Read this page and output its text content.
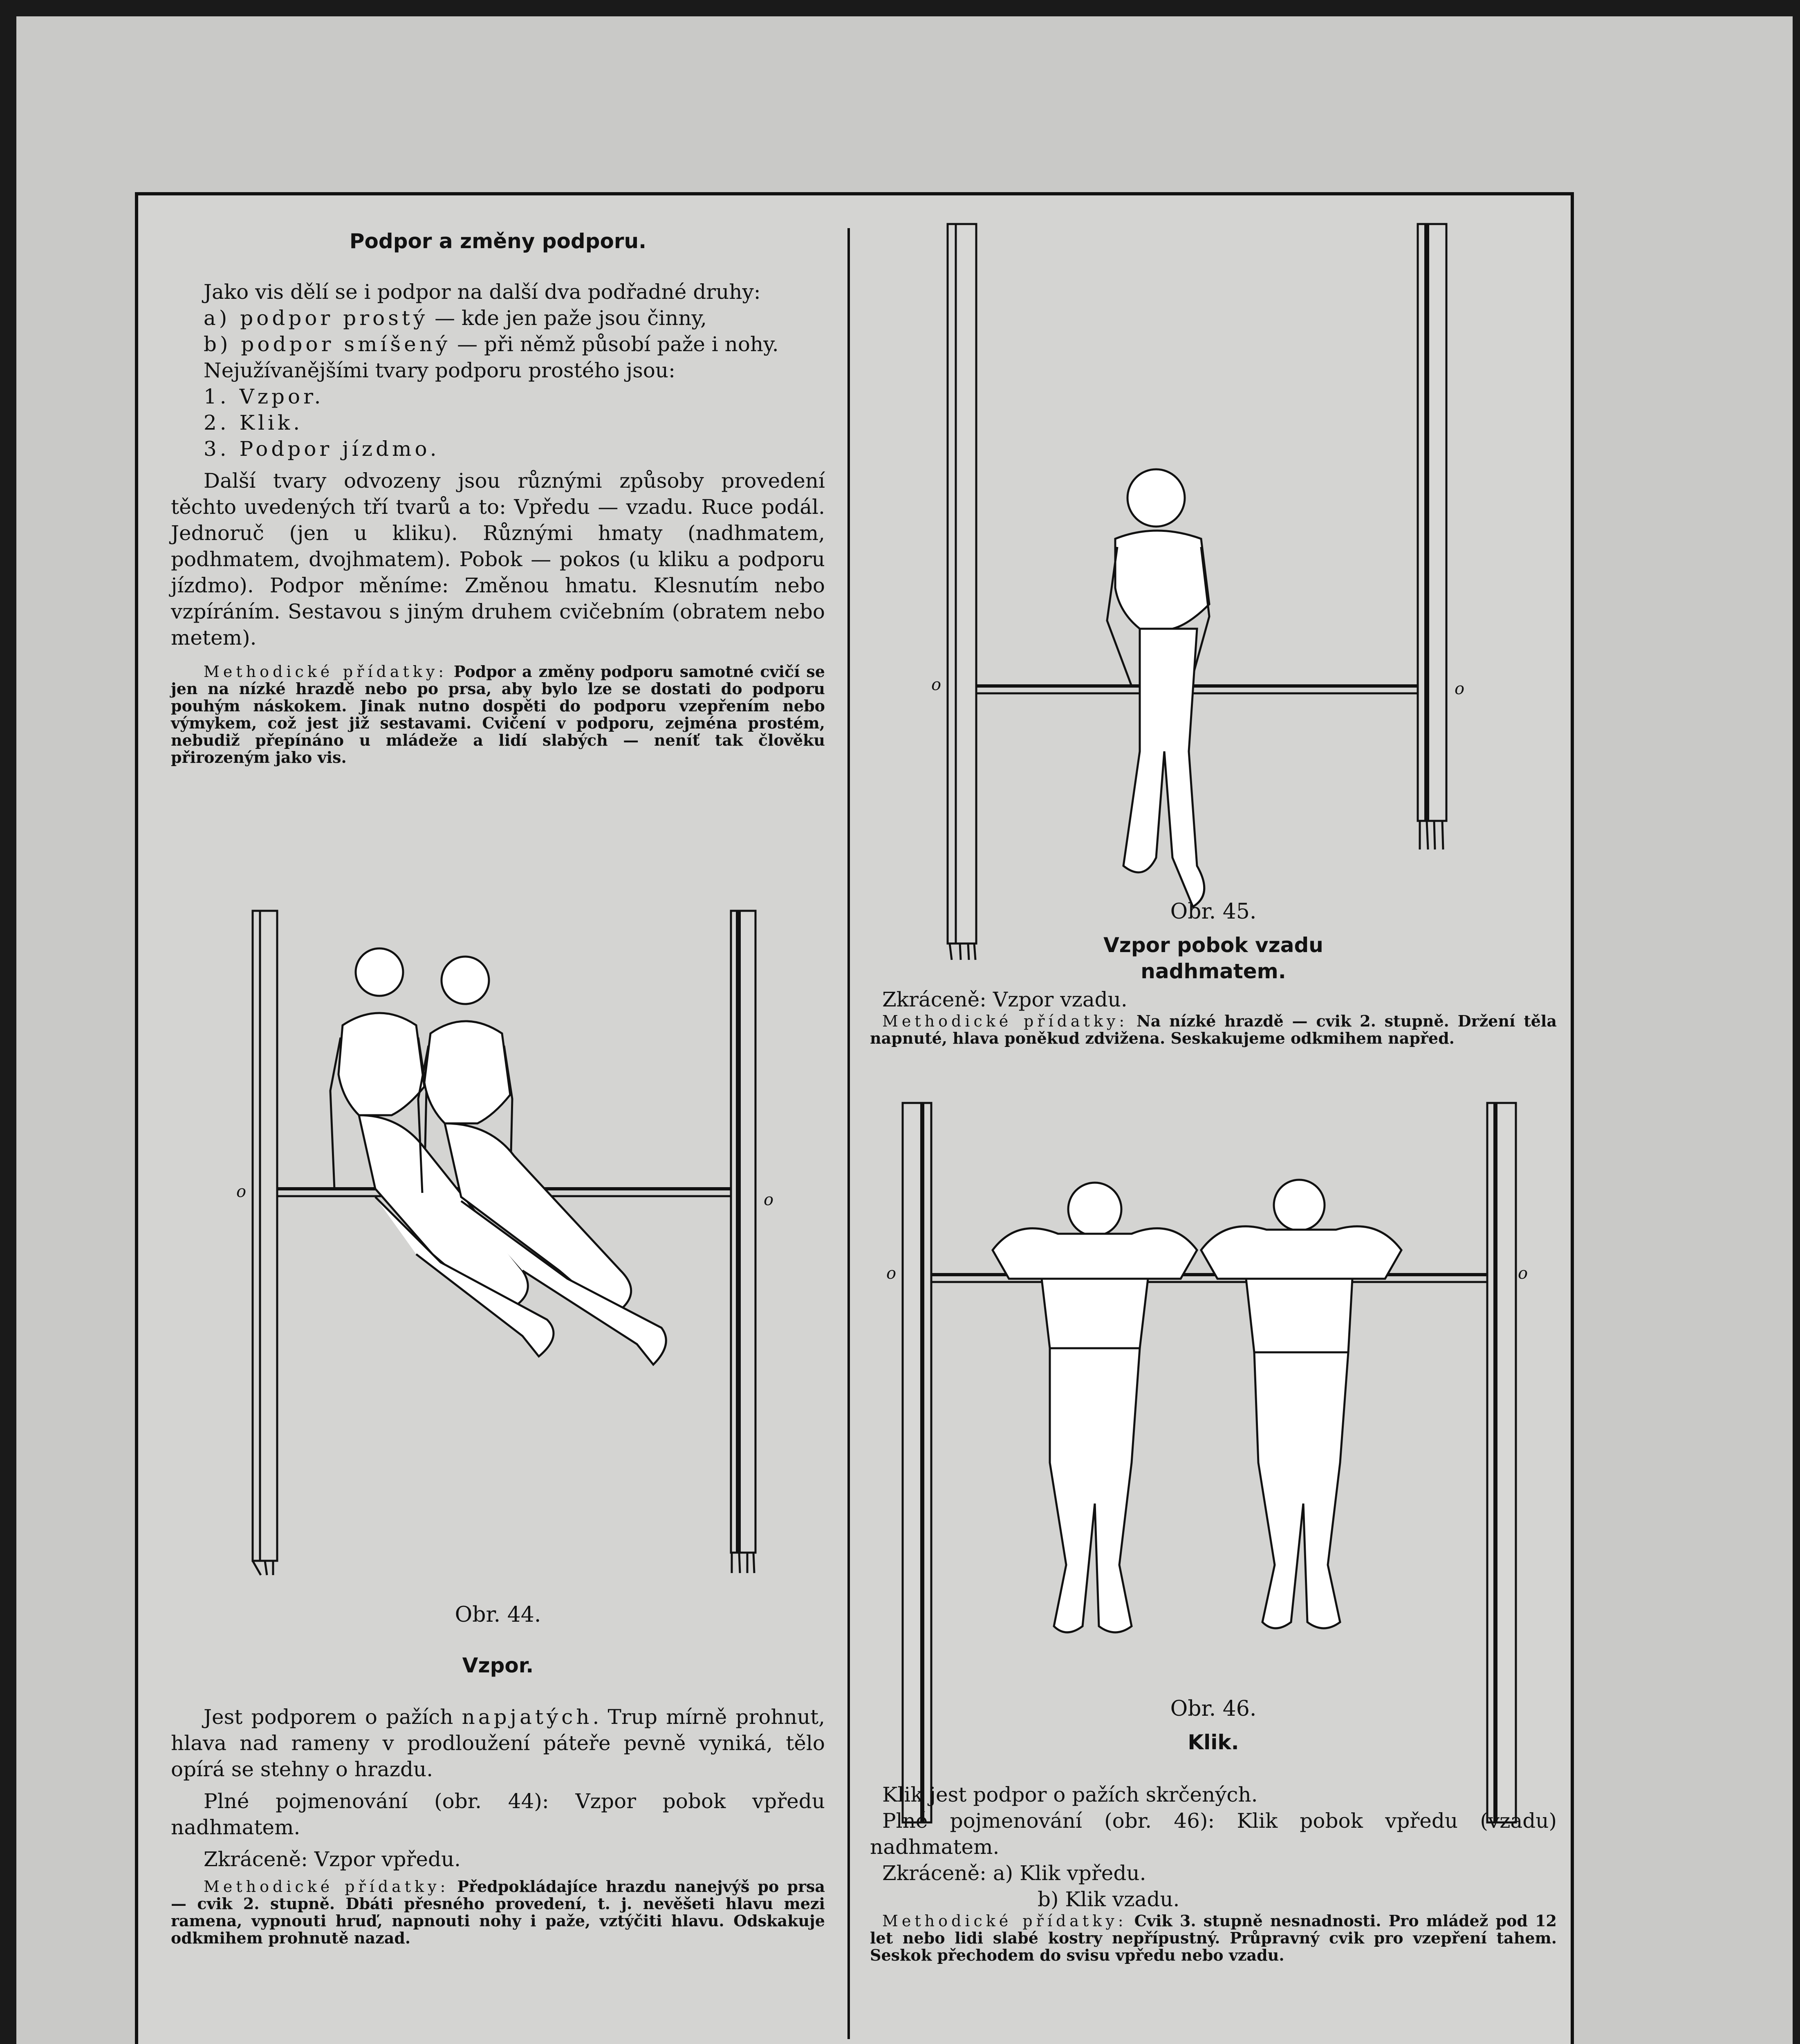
Podpor a změny podporu.

Jako vis dělí se i podpor na další dva podřadné druhy:

a) podpor prostý — kde jen paže jsou činny,

b) podpor smíšený — při němž působí paže i nohy.

Nejužívanějšími tvary podporu prostého jsou:

1. Vzpor.

2. Klik.

3. Podpor jízdmo.

Další tvary odvozeny jsou různými způsoby provedení těchto uvedených tří tvarů a to: Vpředu — vzadu. Ruce podál. Jednoruč (jen u kliku). Různými hmaty (nadhmatem, podhmatem, dvojhmatem). Pobok — pokos (u kliku a podporu jízdmo). Podpor měníme: Změnou hmatu. Klesnutím nebo vzpíráním. Sestavou s jiným druhem cvičebním (obratem nebo metem).

Methodické přídatky: Podpor a změny podporu samotné cvičí se jen na nízké hrazdě nebo po prsa, aby bylo lze se dostati do podporu pouhým náskokem. Jinak nutno dospěti do podporu vzepřením nebo výmykem, což jest již sestavami. Cvičení v podporu, zejména prostém, nebudiž přepínáno u mládeže a lidí slabých — neníť tak člověku přirozeným jako vis.

o	o
Obr. 44.
Vzpor.

Jest podporem o pažích napjatých. Trup mírně prohnut, hlava nad rameny v prodloužení páteře pevně vyniká, tělo opírá se stehny o hrazdu.

Plné pojmenování (obr. 44): Vzpor pobok vpředu nadhmatem.

Zkráceně: Vzpor vpředu.

Methodické přídatky: Předpokládajíce hrazdu nanejvýš po prsa — cvik 2. stupně. Dbáti přesného provedení, t. j. nevěšeti hlavu mezi ramena, vypnouti hruď, napnouti nohy i paže, vztýčiti hlavu. Odskakuje odkmihem prohnutě nazad.

o	o
Obr. 45.
Vzpor pobok vzadu
nadhmatem.

Zkráceně: Vzpor vzadu.

Methodické přídatky: Na nízké hrazdě — cvik 2. stupně. Držení těla napnuté, hlava poněkud zdvižena. Seskakujeme odkmihem napřed.

o	o
Obr. 46.
Klik.

Klik jest podpor o pažích skrčených.

Plné pojmenování (obr. 46): Klik pobok vpředu (vzadu) nadhmatem.

Zkráceně: a) Klik vpředu.

b) Klik vzadu.

Methodické přídatky: Cvik 3. stupně nesnadnosti. Pro mládež pod 12 let nebo lidi slabé kostry nepřípustný. Průpravný cvik pro vzepření tahem. Seskok přechodem do svisu vpředu nebo vzadu.
